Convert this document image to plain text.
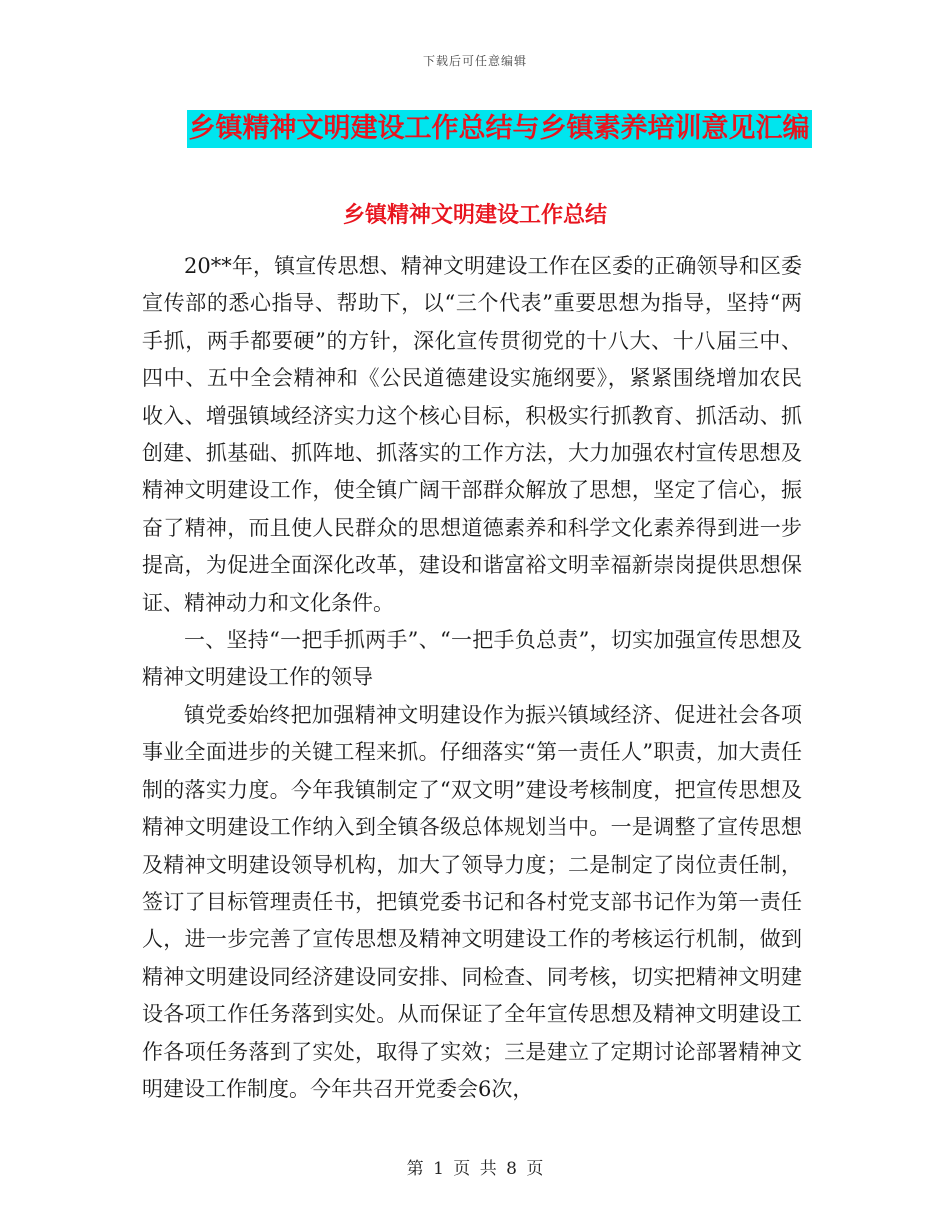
下载后可任意编辑
乡镇精神文明建设工作总结与乡镇素养培训意见汇编
乡镇精神文明建设工作总结

20**年，镇宣传思想、精神文明建设工作在区委的正确领导和区委宣传部的悉心指导、帮助下，以“三个代表”重要思想为指导，坚持“两手抓，两手都要硬”的方针，深化宣传贯彻党的十八大、十八届三中、四中、五中全会精神和《公民道德建设实施纲要》，紧紧围绕增加农民收入、增强镇域经济实力这个核心目标，积极实行抓教育、抓活动、抓创建、抓基础、抓阵地、抓落实的工作方法，大力加强农村宣传思想及精神文明建设工作，使全镇广阔干部群众解放了思想，坚定了信心，振奋了精神，而且使人民群众的思想道德素养和科学文化素养得到进一步提高，为促进全面深化改革，建设和谐富裕文明幸福新崇岗提供思想保证、精神动力和文化条件。

一、坚持“一把手抓两手”、“一把手负总责”，切实加强宣传思想及精神文明建设工作的领导

镇党委始终把加强精神文明建设作为振兴镇域经济、促进社会各项事业全面进步的关键工程来抓。仔细落实“第一责任人”职责，加大责任制的落实力度。今年我镇制定了“双文明”建设考核制度，把宣传思想及精神文明建设工作纳入到全镇各级总体规划当中。一是调整了宣传思想及精神文明建设领导机构，加大了领导力度；二是制定了岗位责任制，签订了目标管理责任书，把镇党委书记和各村党支部书记作为第一责任人，进一步完善了宣传思想及精神文明建设工作的考核运行机制，做到精神文明建设同经济建设同安排、同检查、同考核，切实把精神文明建设各项工作任务落到实处。从而保证了全年宣传思想及精神文明建设工作各项任务落到了实处，取得了实效；三是建立了定期讨论部署精神文明建设工作制度。今年共召开党委会6次，

第 1 页 共 8 页
